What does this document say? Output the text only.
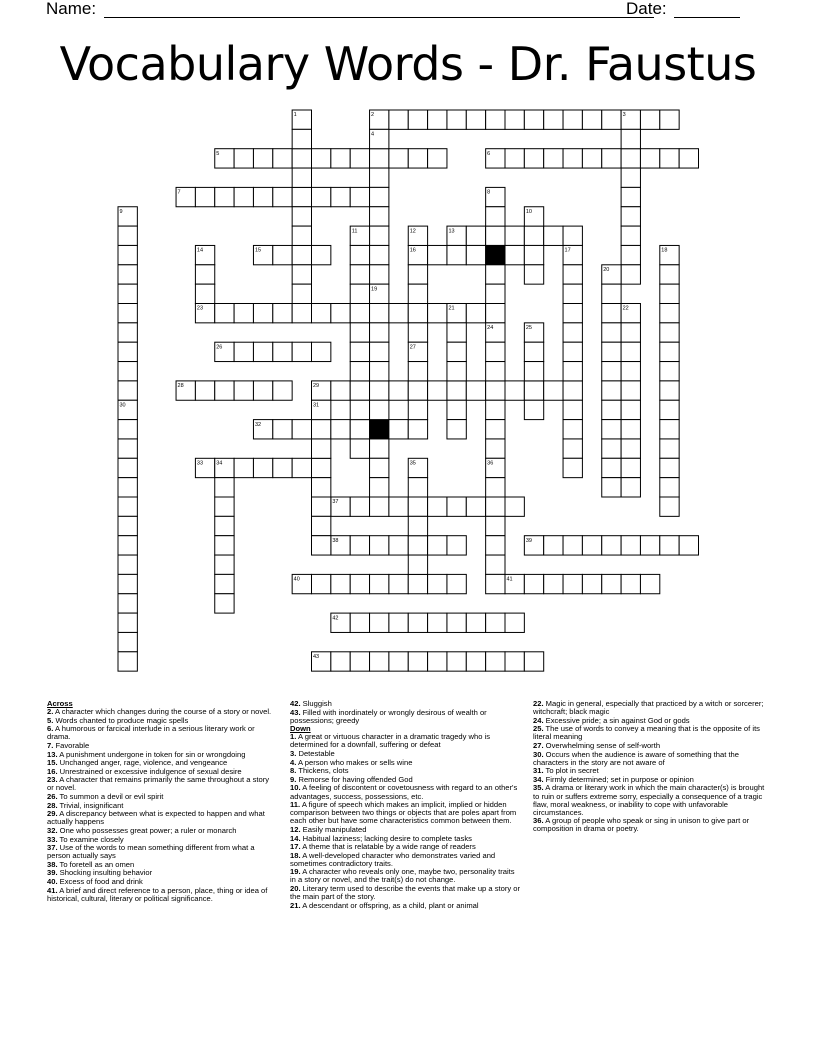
Name:	Date:
Vocabulary Words - Dr. Faustus
2
5	6
7
13
15	16
23
26
28	29
32
33
37
38	39
40	41
42
43
1	3
4
8
9	10
11	12
14	17	18
19
20
21	22
24	25
27
30	31
34	35	36
Across
2. A character which changes during the course of a story or novel.
5. Words chanted to produce magic spells
6. A humorous or farcical interlude in a serious literary work or drama.
7. Favorable
13. A punishment undergone in token for sin or wrongdoing
15. Unchanged anger, rage, violence, and vengeance
16. Unrestrained or excessive indulgence of sexual desire
23. A character that remains primarily the same throughout a story or novel.
26. To summon a devil or evil spirit
28. Trivial, insignificant
29. A discrepancy between what is expected to happen and what actually happens
32. One who possesses great power; a ruler or monarch
33. To examine closely
37. Use of the words to mean something different from what a person actually says
38. To foretell as an omen
39. Shocking insulting behavior
40. Excess of food and drink
41. A brief and direct reference to a person, place, thing or idea of historical, cultural, literary or political significance.
42. Sluggish
43. Filled with inordinately or wrongly desirous of wealth or possessions; greedy
Down
1. A great or virtuous character in a dramatic tragedy who is determined for a downfall, suffering or defeat
3. Detestable
4. A person who makes or sells wine
8. Thickens, clots
9. Remorse for having offended God
10. A feeling of discontent or covetousness with regard to an other's advantages, success, possessions, etc.
11. A figure of speech which makes an implicit, implied or hidden comparison between two things or objects that are poles apart from each other but have some characteristics common between them.
12. Easily manipulated
14. Habitual laziness; lacking desire to complete tasks
17. A theme that is relatable by a wide range of readers
18. A well-developed character who demonstrates varied and sometimes contradictory traits.
19. A character who reveals only one, maybe two, personality traits in a story or novel, and the trait(s) do not change.
20. Literary term used to describe the events that make up a story or the main part of the story.
21. A descendant or offspring, as a child, plant or animal
22. Magic in general, especially that practiced by a witch or sorcerer; witchcraft; black magic
24. Excessive pride; a sin against God or gods
25. The use of words to convey a meaning that is the opposite of its literal meaning
27. Overwhelming sense of self-worth
30. Occurs when the audience is aware of something that the characters in the story are not aware of
31. To plot in secret
34. Firmly determined; set in purpose or opinion
35. A drama or literary work in which the main character(s) is brought to ruin or suffers extreme sorry, especially a consequence of a tragic flaw, moral weakness, or inability to cope with unfavorable circumstances.
36. A group of people who speak or sing in unison to give part or composition in drama or poetry.
